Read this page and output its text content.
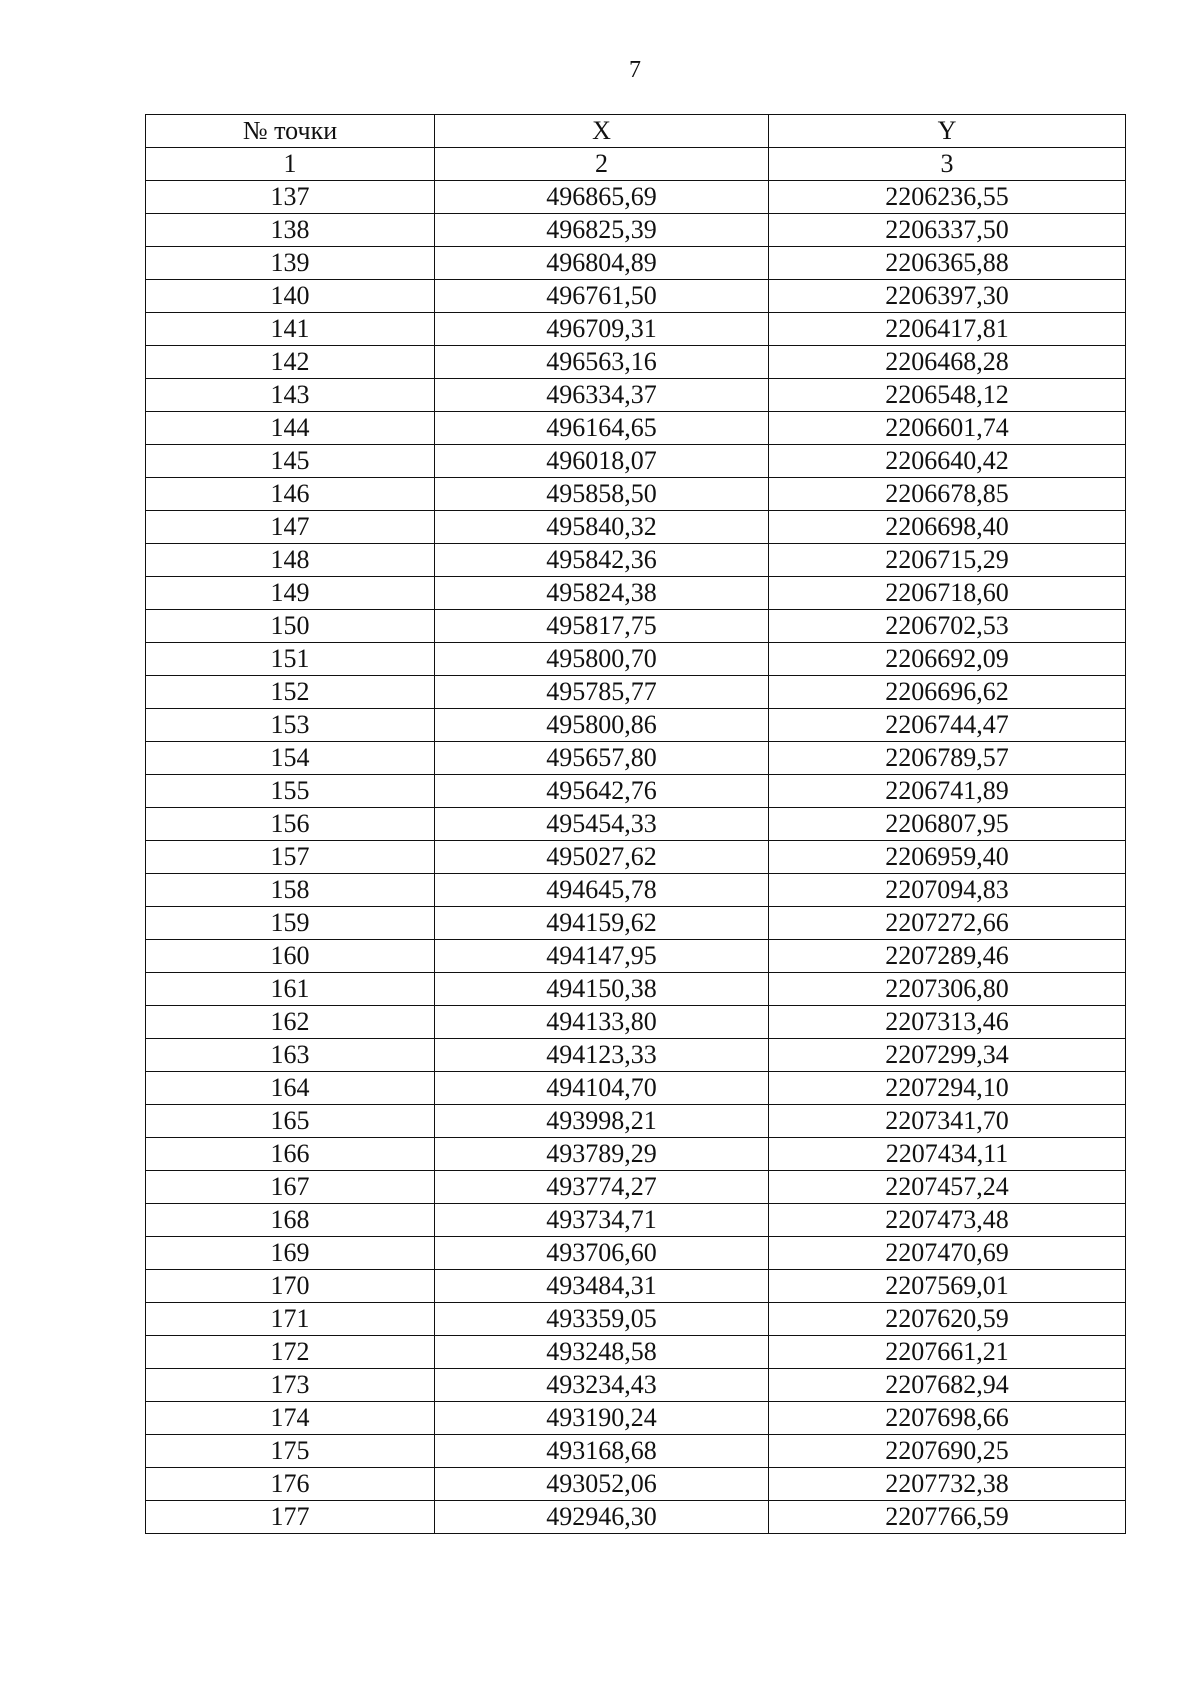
7
№ точки	X	Y
1	2	3
137	496865,69	2206236,55
138	496825,39	2206337,50
139	496804,89	2206365,88
140	496761,50	2206397,30
141	496709,31	2206417,81
142	496563,16	2206468,28
143	496334,37	2206548,12
144	496164,65	2206601,74
145	496018,07	2206640,42
146	495858,50	2206678,85
147	495840,32	2206698,40
148	495842,36	2206715,29
149	495824,38	2206718,60
150	495817,75	2206702,53
151	495800,70	2206692,09
152	495785,77	2206696,62
153	495800,86	2206744,47
154	495657,80	2206789,57
155	495642,76	2206741,89
156	495454,33	2206807,95
157	495027,62	2206959,40
158	494645,78	2207094,83
159	494159,62	2207272,66
160	494147,95	2207289,46
161	494150,38	2207306,80
162	494133,80	2207313,46
163	494123,33	2207299,34
164	494104,70	2207294,10
165	493998,21	2207341,70
166	493789,29	2207434,11
167	493774,27	2207457,24
168	493734,71	2207473,48
169	493706,60	2207470,69
170	493484,31	2207569,01
171	493359,05	2207620,59
172	493248,58	2207661,21
173	493234,43	2207682,94
174	493190,24	2207698,66
175	493168,68	2207690,25
176	493052,06	2207732,38
177	492946,30	2207766,59
